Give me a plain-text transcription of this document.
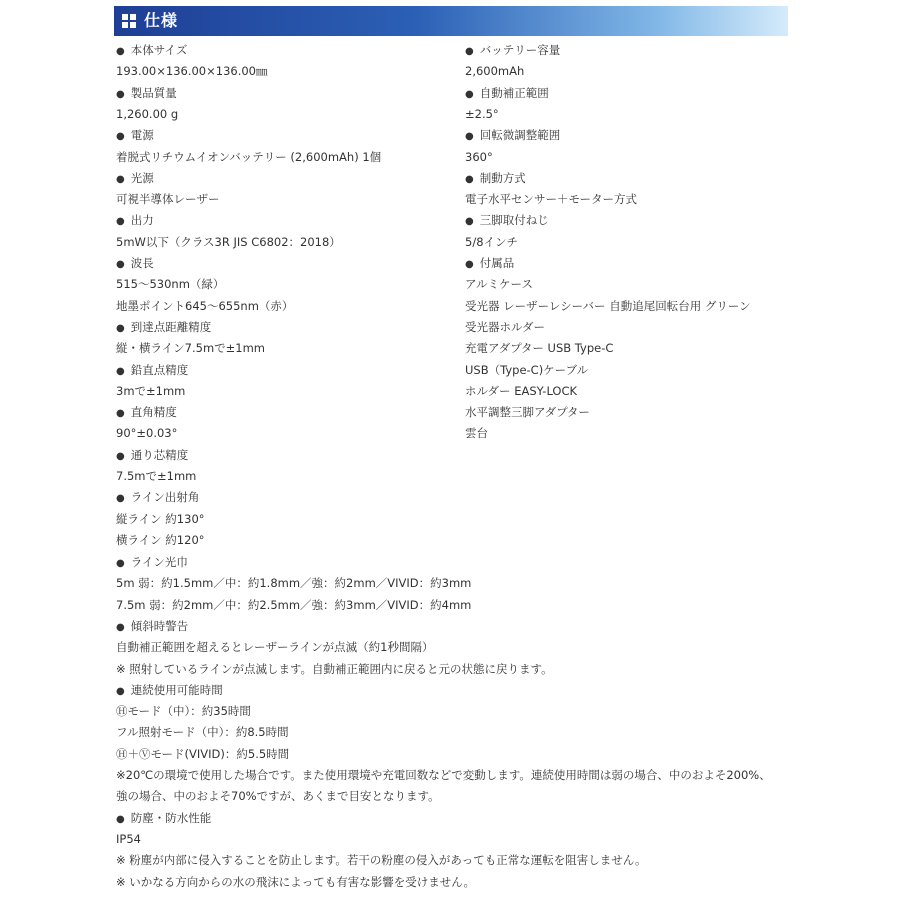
仕様
● 本体サイズ
193.00×136.00×136.00㎜
● 製品質量
1,260.00 g
● 電源
着脱式リチウムイオンバッテリー (2,600mAh) 1個
● 光源
可視半導体レーザー
● 出力
5mW以下（クラス3R JIS C6802：2018）
● 波長
515～530nm（緑）
地墨ポイント645～655nm（赤）
● 到達点距離精度
縦・横ライン7.5mで±1mm
● 鉛直点精度
3mで±1mm
● 直角精度
90°±0.03°
● 通り芯精度
7.5mで±1mm
● ライン出射角
縦ライン 約130°
横ライン 約120°
● バッテリー容量
2,600mAh
● 自動補正範囲
±2.5°
● 回転微調整範囲
360°
● 制動方式
電子水平センサー＋モーター方式
● 三脚取付ねじ
5/8インチ
● 付属品
アルミケース
受光器 レーザーレシーバー 自動追尾回転台用 グリーン
受光器ホルダー
充電アダプター USB Type-C
USB（Type-C)ケーブル
ホルダー EASY-LOCK
水平調整三脚アダプター
雲台
● ライン光巾
5m 弱：約1.5mm／中：約1.8mm／強：約2mm／VIVID：約3mm
7.5m 弱：約2mm／中：約2.5mm／強：約3mm／VIVID：約4mm
● 傾斜時警告
自動補正範囲を超えるとレーザーラインが点滅（約1秒間隔）
※ 照射しているラインが点滅します。自動補正範囲内に戻ると元の状態に戻ります。
● 連続使用可能時間
Ⓗモード（中）：約35時間
フル照射モード（中）：約8.5時間
Ⓗ＋Ⓥモード(VIVID)：約5.5時間
※20℃の環境で使用した場合です。また使用環境や充電回数などで変動します。連続使用時間は弱の場合、中のおよそ200%、
強の場合、中のおよそ70%ですが、あくまで目安となります。
● 防塵・防水性能
IP54
※ 粉塵が内部に侵入することを防止します。若干の粉塵の侵入があっても正常な運転を阻害しません。
※ いかなる方向からの水の飛沫によっても有害な影響を受けません。
